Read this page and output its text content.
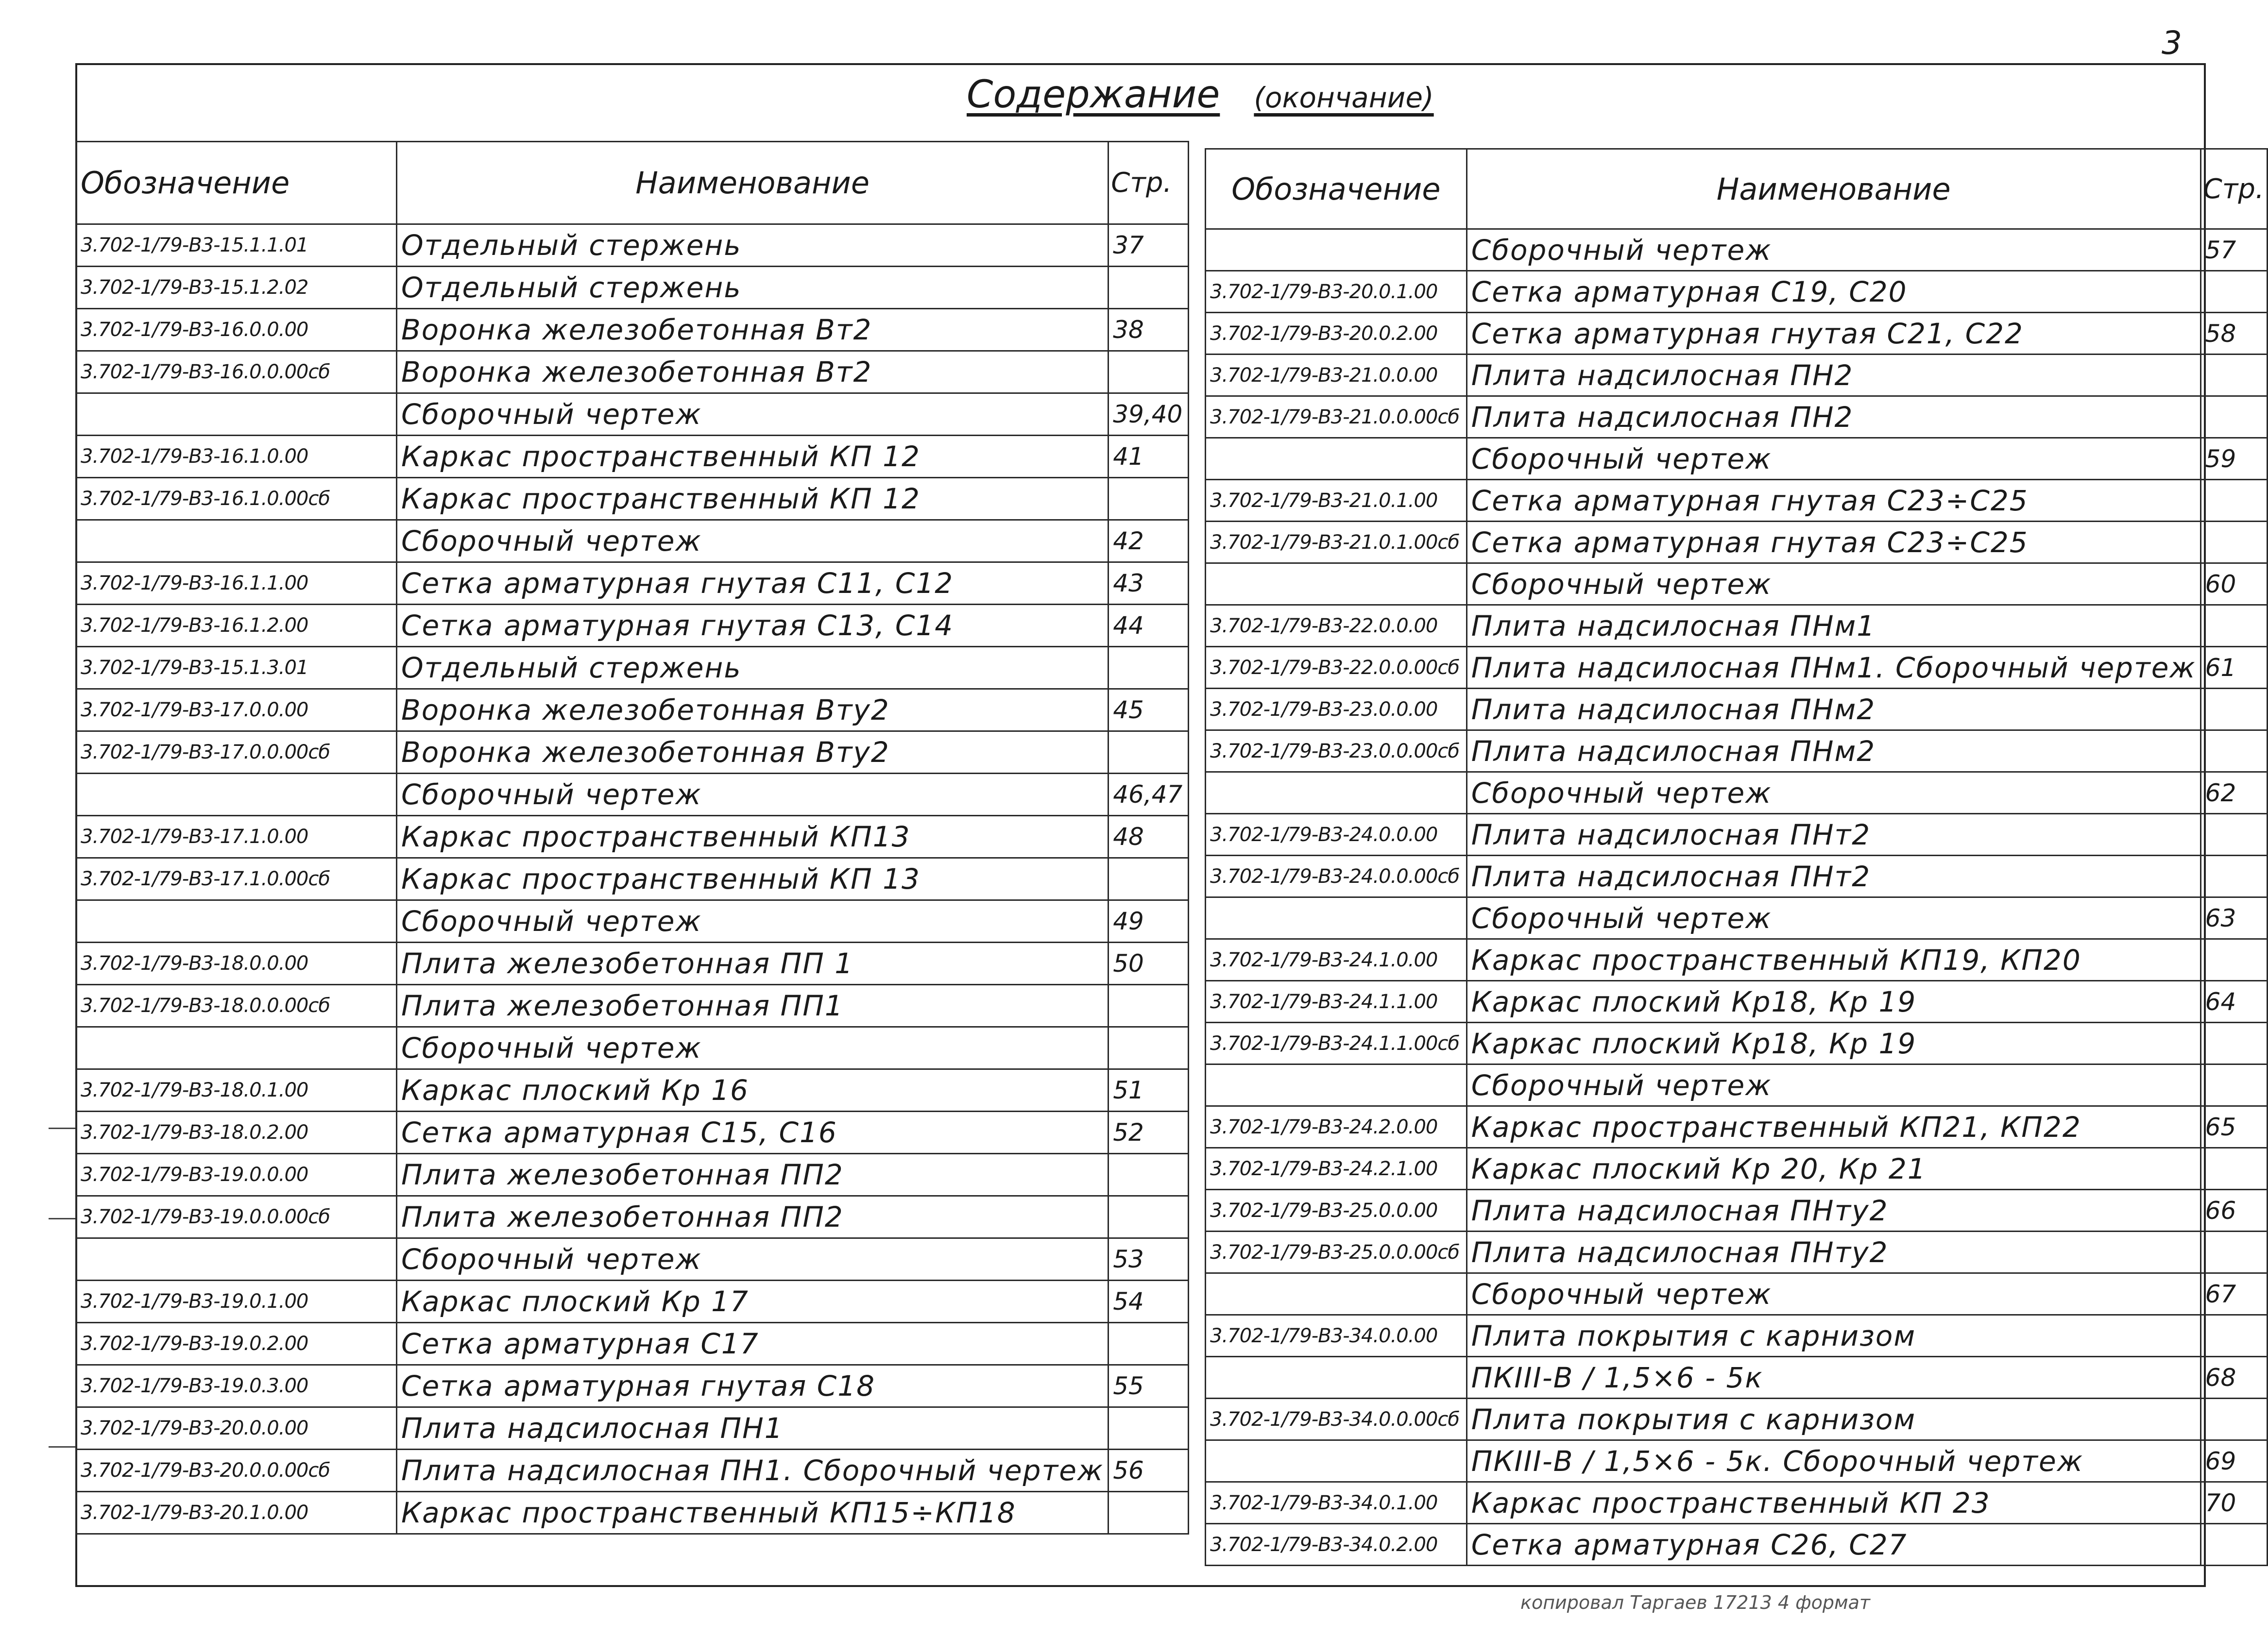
3
Содержание (окончание)
Обозначение	Наименование	Стр.
3.702-1/79-В3-15.1.1.01	Отдельный стержень	37
3.702-1/79-В3-15.1.2.02	Отдельный стержень	
3.702-1/79-В3-16.0.0.00	Воронка железобетонная Вт2	38
3.702-1/79-В3-16.0.0.00сб	Воронка железобетонная Вт2	
	Сборочный чертеж	39,40
3.702-1/79-В3-16.1.0.00	Каркас пространственный КП 12	41
3.702-1/79-В3-16.1.0.00сб	Каркас пространственный КП 12	
	Сборочный чертеж	42
3.702-1/79-В3-16.1.1.00	Сетка арматурная гнутая С11, С12	43
3.702-1/79-В3-16.1.2.00	Сетка арматурная гнутая С13, С14	44
3.702-1/79-В3-15.1.3.01	Отдельный стержень	
3.702-1/79-В3-17.0.0.00	Воронка железобетонная Вту2	45
3.702-1/79-В3-17.0.0.00сб	Воронка железобетонная Вту2	
	Сборочный чертеж	46,47
3.702-1/79-В3-17.1.0.00	Каркас пространственный КП13	48
3.702-1/79-В3-17.1.0.00сб	Каркас пространственный КП 13	
	Сборочный чертеж	49
3.702-1/79-В3-18.0.0.00	Плита железобетонная ПП 1	50
3.702-1/79-В3-18.0.0.00сб	Плита железобетонная ПП1	
	Сборочный чертеж	
3.702-1/79-В3-18.0.1.00	Каркас плоский Кр 16	51
3.702-1/79-В3-18.0.2.00	Сетка арматурная С15, С16	52
3.702-1/79-В3-19.0.0.00	Плита железобетонная ПП2	
3.702-1/79-В3-19.0.0.00сб	Плита железобетонная ПП2	
	Сборочный чертеж	53
3.702-1/79-В3-19.0.1.00	Каркас плоский Кр 17	54
3.702-1/79-В3-19.0.2.00	Сетка арматурная С17	
3.702-1/79-В3-19.0.3.00	Сетка арматурная гнутая С18	55
3.702-1/79-В3-20.0.0.00	Плита надсилосная ПН1	
3.702-1/79-В3-20.0.0.00сб	Плита надсилосная ПН1. Сборочный чертеж	56
3.702-1/79-В3-20.1.0.00	Каркас пространственный КП15÷КП18	
Обозначение	Наименование	Стр.
	Сборочный чертеж	57
3.702-1/79-В3-20.0.1.00	Сетка арматурная С19, С20	
3.702-1/79-В3-20.0.2.00	Сетка арматурная гнутая С21, С22	58
3.702-1/79-В3-21.0.0.00	Плита надсилосная ПН2	
3.702-1/79-В3-21.0.0.00сб	Плита надсилосная ПН2	
	Сборочный чертеж	59
3.702-1/79-В3-21.0.1.00	Сетка арматурная гнутая С23÷С25	
3.702-1/79-В3-21.0.1.00сб	Сетка арматурная гнутая С23÷С25	
	Сборочный чертеж	60
3.702-1/79-В3-22.0.0.00	Плита надсилосная ПНм1	
3.702-1/79-В3-22.0.0.00сб	Плита надсилосная ПНм1. Сборочный чертеж	61
3.702-1/79-В3-23.0.0.00	Плита надсилосная ПНм2	
3.702-1/79-В3-23.0.0.00сб	Плита надсилосная ПНм2	
	Сборочный чертеж	62
3.702-1/79-В3-24.0.0.00	Плита надсилосная ПНт2	
3.702-1/79-В3-24.0.0.00сб	Плита надсилосная ПНт2	
	Сборочный чертеж	63
3.702-1/79-В3-24.1.0.00	Каркас пространственный КП19, КП20	
3.702-1/79-В3-24.1.1.00	Каркас плоский Кр18, Кр 19	64
3.702-1/79-В3-24.1.1.00сб	Каркас плоский Кр18, Кр 19	
	Сборочный чертеж	
3.702-1/79-В3-24.2.0.00	Каркас пространственный КП21, КП22	65
3.702-1/79-В3-24.2.1.00	Каркас плоский Кр 20, Кр 21	
3.702-1/79-В3-25.0.0.00	Плита надсилосная ПНту2	66
3.702-1/79-В3-25.0.0.00сб	Плита надсилосная ПНту2	
	Сборочный чертеж	67
3.702-1/79-В3-34.0.0.00	Плита покрытия с карнизом	
	ПКIII-В / 1,5×6 - 5к	68
3.702-1/79-В3-34.0.0.00сб	Плита покрытия с карнизом	
	ПКIII-В / 1,5×6 - 5к. Сборочный чертеж	69
3.702-1/79-В3-34.0.1.00	Каркас пространственный КП 23	70
3.702-1/79-В3-34.0.2.00	Сетка арматурная С26, С27	
копировал Таргаев 17213 4 формат
